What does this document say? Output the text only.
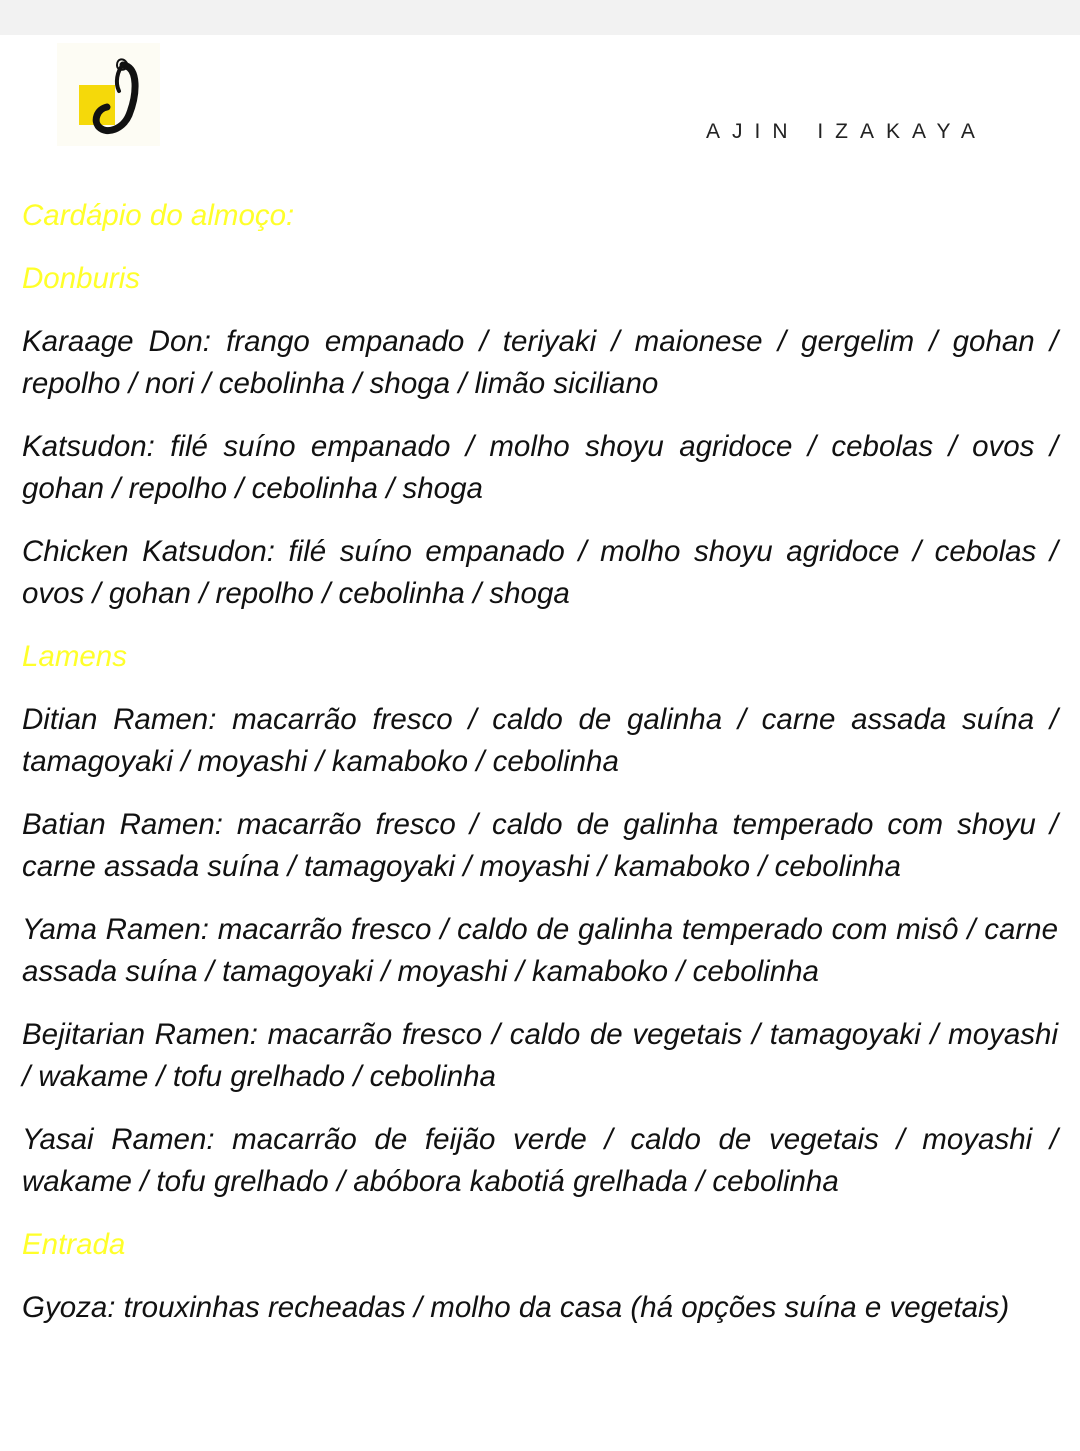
AJIN IZAKAYA
Cardápio do almoço:
Donburis
Karaage Don: frango empanado / teriyaki / maionese / gergelim / gohan / repolho / nori / cebolinha / shoga / limão siciliano
Katsudon: filé suíno empanado / molho shoyu agridoce / cebolas / ovos / gohan / repolho / cebolinha / shoga
Chicken Katsudon: filé suíno empanado / molho shoyu agridoce / cebolas / ovos / gohan / repolho / cebolinha / shoga
Lamens
Ditian Ramen: macarrão fresco / caldo de galinha / carne assada suína / tamagoyaki / moyashi / kamaboko / cebolinha
Batian Ramen: macarrão fresco / caldo de galinha temperado com shoyu / carne assada suína / tamagoyaki / moyashi / kamaboko / cebolinha
Yama Ramen: macarrão fresco / caldo de galinha temperado com misô / carne assada suína / tamagoyaki / moyashi / kamaboko / cebolinha
Bejitarian Ramen: macarrão fresco / caldo de vegetais / tamagoyaki / moyashi / wakame / tofu grelhado / cebolinha
Yasai Ramen: macarrão de feijão verde / caldo de vegetais / moyashi / wakame / tofu grelhado / abóbora kabotiá grelhada / cebolinha
Entrada
Gyoza: trouxinhas recheadas / molho da casa (há opções suína e vegetais)
